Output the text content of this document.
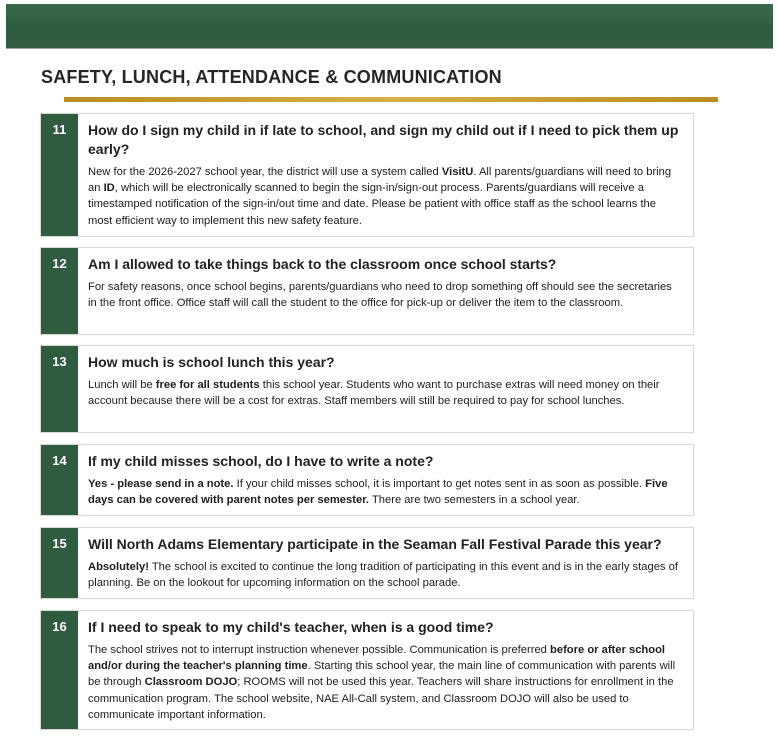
SAFETY, LUNCH, ATTENDANCE & COMMUNICATION
11	How do I sign my child in if late to school, and sign my child out if I need to pick them up early?

New for the 2026-2027 school year, the district will use a system called VisitU. All parents/guardians will need to bring an ID, which will be electronically scanned to begin the sign-in/sign-out process. Parents/guardians will receive a timestamped notification of the sign-in/out time and date. Please be patient with office staff as the school learns the most efficient way to implement this new safety feature.

12	Am I allowed to take things back to the classroom once school starts?

For safety reasons, once school begins, parents/guardians who need to drop something off should see the secretaries in the front office. Office staff will call the student to the office for pick-up or deliver the item to the classroom.

13	How much is school lunch this year?

Lunch will be free for all students this school year. Students who want to purchase extras will need money on their account because there will be a cost for extras. Staff members will still be required to pay for school lunches.

14	If my child misses school, do I have to write a note?

Yes - please send in a note. If your child misses school, it is important to get notes sent in as soon as possible. Five days can be covered with parent notes per semester. There are two semesters in a school year.

15	Will North Adams Elementary participate in the Seaman Fall Festival Parade this year?

Absolutely! The school is excited to continue the long tradition of participating in this event and is in the early stages of planning. Be on the lookout for upcoming information on the school parade.

16	If I need to speak to my child's teacher, when is a good time?

The school strives not to interrupt instruction whenever possible. Communication is preferred before or after school and/or during the teacher's planning time. Starting this school year, the main line of communication with parents will be through Classroom DOJO; ROOMS will not be used this year. Teachers will share instructions for enrollment in the communication program. The school website, NAE All-Call system, and Classroom DOJO will also be used to communicate important information.
